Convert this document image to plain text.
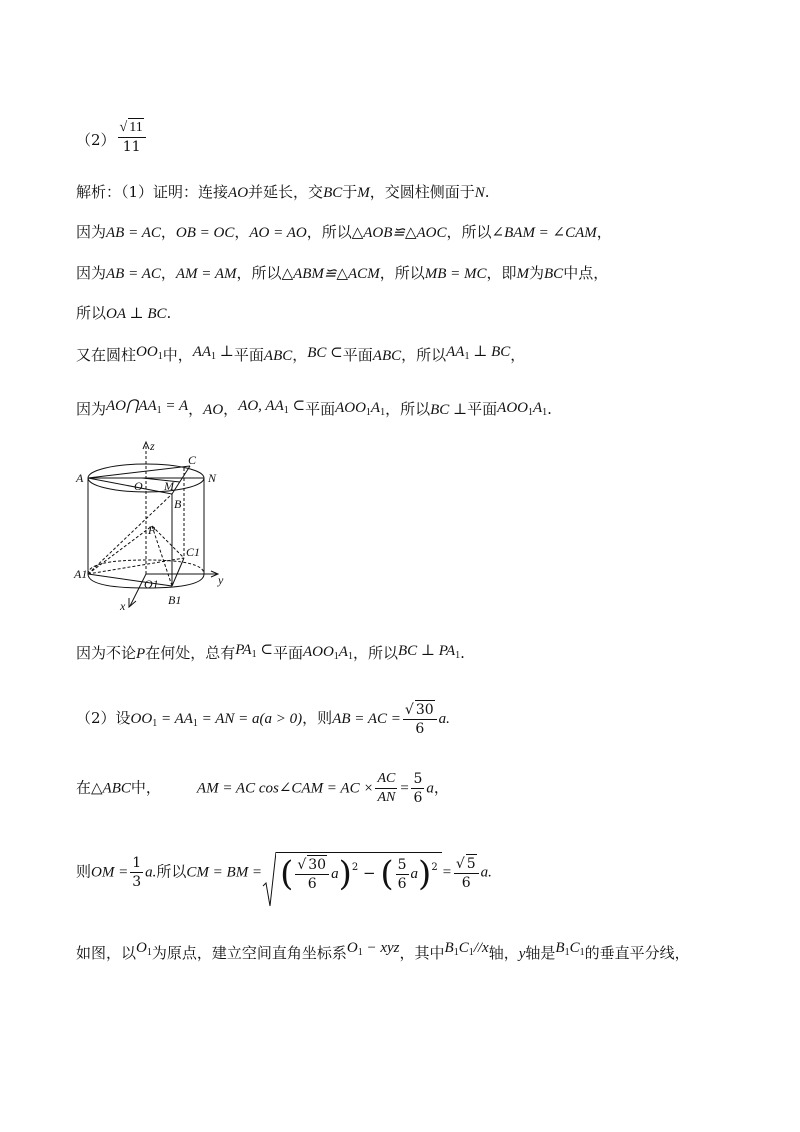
$(2) \frac{√ 11}{11}$
解析：（1）证明：连接AO并延长，交BC于M，交圆柱侧面于N.
因为AB = AC，OB = OC，AO = AO，所以△AOB≌△AOC，所以∠BAM = ∠CAM，
因为AB = AC，AM = AM，所以△ABM≌△ACM，所以MB = MC，即M为BC中点，
所以OA ⊥ BC.
又在圆柱$OO_1$中，$AA_1$ ⊥平面ABC，BC ⊂平面ABC，所以$AA_1$ ⊥ BC，
因为$AO⋂AA_1 = A$，AO，AO, $AA_1$ ⊂平面$AOO_1A_1$，所以BC ⊥平面$AOO_1A_1$.
A
O M
C
N
B
P
C1
A1
O1
B1
x
y
z
因为不论P在何处，总有$PA_1$ ⊂平面$AOO_1A_1$，所以BC ⊥ $PA_1$.
（2）设$OO_1 = AA_1$ = AN = a(a > 0)，则AB = AC = $\frac{√ 30}{6} a$.
在△ABC中， AM = AC cos∠CAM = AC × $\frac{AC}{AN} = \frac{5}{6}$ a，
则OM = $\frac{1}{3} a$.所以CM = BM = ( $\frac{√ 30}{6} a)^2$ − ( $\frac{5}{6} a)^2 = \frac{√ 5}{6} a$.
如图，以$O_1$为原点，建立空间直角坐标系$O_1$ − xyz，其中$B_1C_1//x$轴，y轴是$B_1C_1$的垂直平分线，
